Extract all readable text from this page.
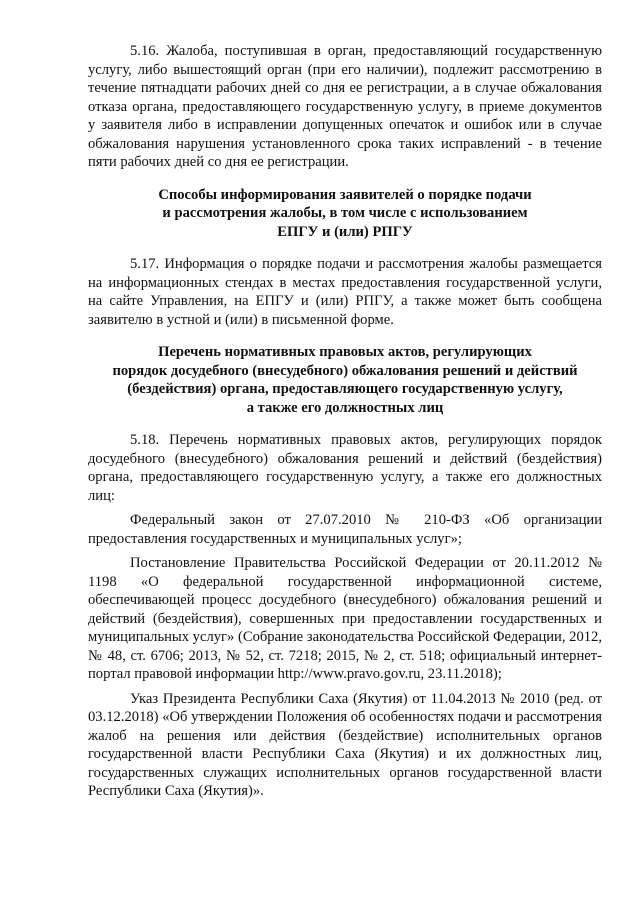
5.16. Жалоба, поступившая в орган, предоставляющий государственную услугу, либо вышестоящий орган (при его наличии), подлежит рассмотрению в течение пятнадцати рабочих дней со дня ее регистрации, а в случае обжалования отказа органа, предоставляющего государственную услугу, в приеме документов у заявителя либо в исправлении допущенных опечаток и ошибок или в случае обжалования нарушения установленного срока таких исправлений - в течение пяти рабочих дней со дня ее регистрации.

Способы информирования заявителей о порядке подачи
и рассмотрения жалобы, в том числе с использованием
ЕПГУ и (или) РПГУ

5.17. Информация о порядке подачи и рассмотрения жалобы размещается на информационных стендах в местах предоставления государственной услуги, на сайте Управления, на ЕПГУ и (или) РПГУ, а также может быть сообщена заявителю в устной и (или) в письменной форме.

Перечень нормативных правовых актов, регулирующих
порядок досудебного (внесудебного) обжалования решений и действий (бездействия) органа, предоставляющего государственную услугу,
а также его должностных лиц

5.18. Перечень нормативных правовых актов, регулирующих порядок досудебного (внесудебного) обжалования решений и действий (бездействия) органа, предоставляющего государственную услугу, а также его должностных лиц:

Федеральный закон от 27.07.2010 № 210-ФЗ «Об организации предоставления государственных и муниципальных услуг»;

Постановление Правительства Российской Федерации от 20.11.2012 № 1198 «О федеральной государственной информационной системе, обеспечивающей процесс досудебного (внесудебного) обжалования решений и действий (бездействия), совершенных при предоставлении государственных и муниципальных услуг» (Собрание законодательства Российской Федерации, 2012, № 48, ст. 6706; 2013, № 52, ст. 7218; 2015, № 2, ст. 518; официальный интернет-портал правовой информации http://www.pravo.gov.ru, 23.11.2018);

Указ Президента Республики Саха (Якутия) от 11.04.2013 № 2010 (ред. от 03.12.2018) «Об утверждении Положения об особенностях подачи и рассмотрения жалоб на решения или действия (бездействие) исполнительных органов государственной власти Республики Саха (Якутия) и их должностных лиц, государственных служащих исполнительных органов государственной власти Республики Саха (Якутия)».
